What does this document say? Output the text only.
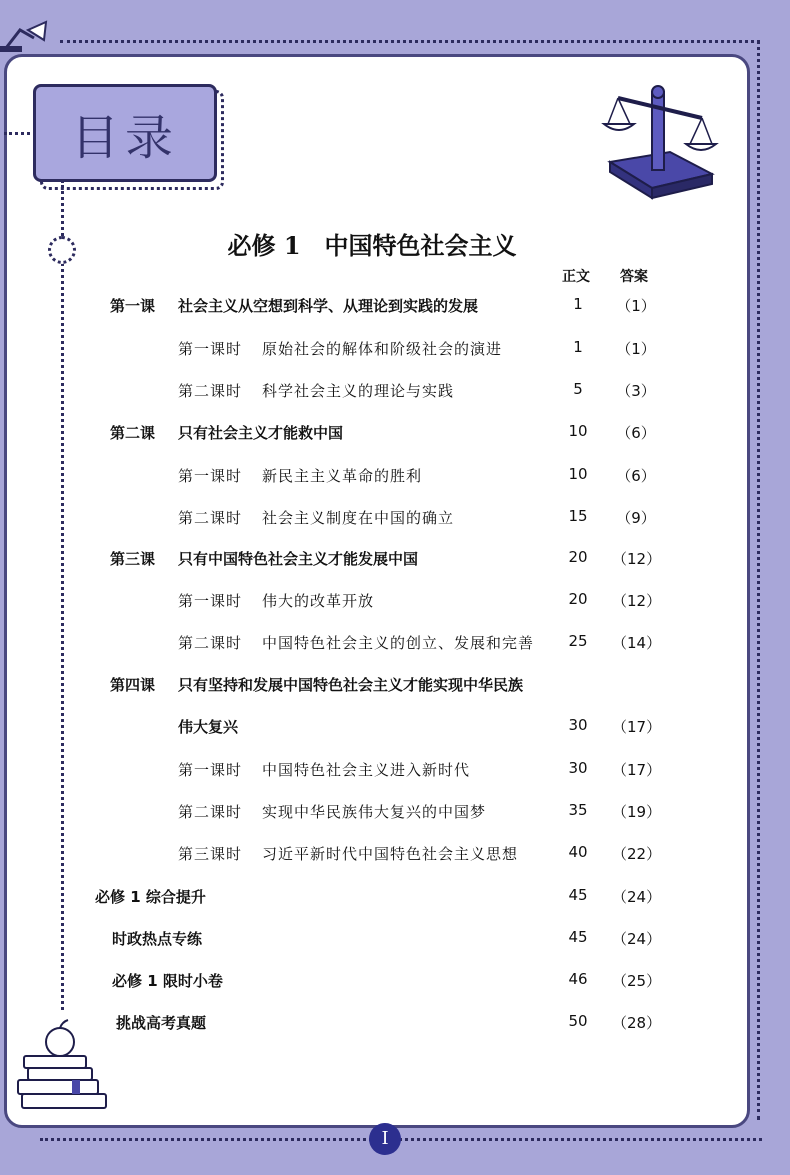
目录
必修 1　中国特色社会主义
正文 答案
第一课 社会主义从空想到科学、从理论到实践的发展	1	（1）
第一课时 原始社会的解体和阶级社会的演进	1	（1）
第二课时 科学社会主义的理论与实践	5	（3）
第二课 只有社会主义才能救中国	10	（6）
第一课时 新民主主义革命的胜利	10	（6）
第二课时 社会主义制度在中国的确立	15	（9）
第三课 只有中国特色社会主义才能发展中国	20	（12）
第一课时 伟大的改革开放	20	（12）
第二课时 中国特色社会主义的创立、发展和完善	25	（14）
第四课 只有坚持和发展中国特色社会主义才能实现中华民族
伟大复兴	30	（17）
第一课时 中国特色社会主义进入新时代	30	（17）
第二课时 实现中华民族伟大复兴的中国梦	35	（19）
第三课时 习近平新时代中国特色社会主义思想	40	（22）
必修 1 综合提升	45	（24）
时政热点专练	45	（24）
必修 1 限时小卷	46	（25）
挑战高考真题	50	（28）
I
